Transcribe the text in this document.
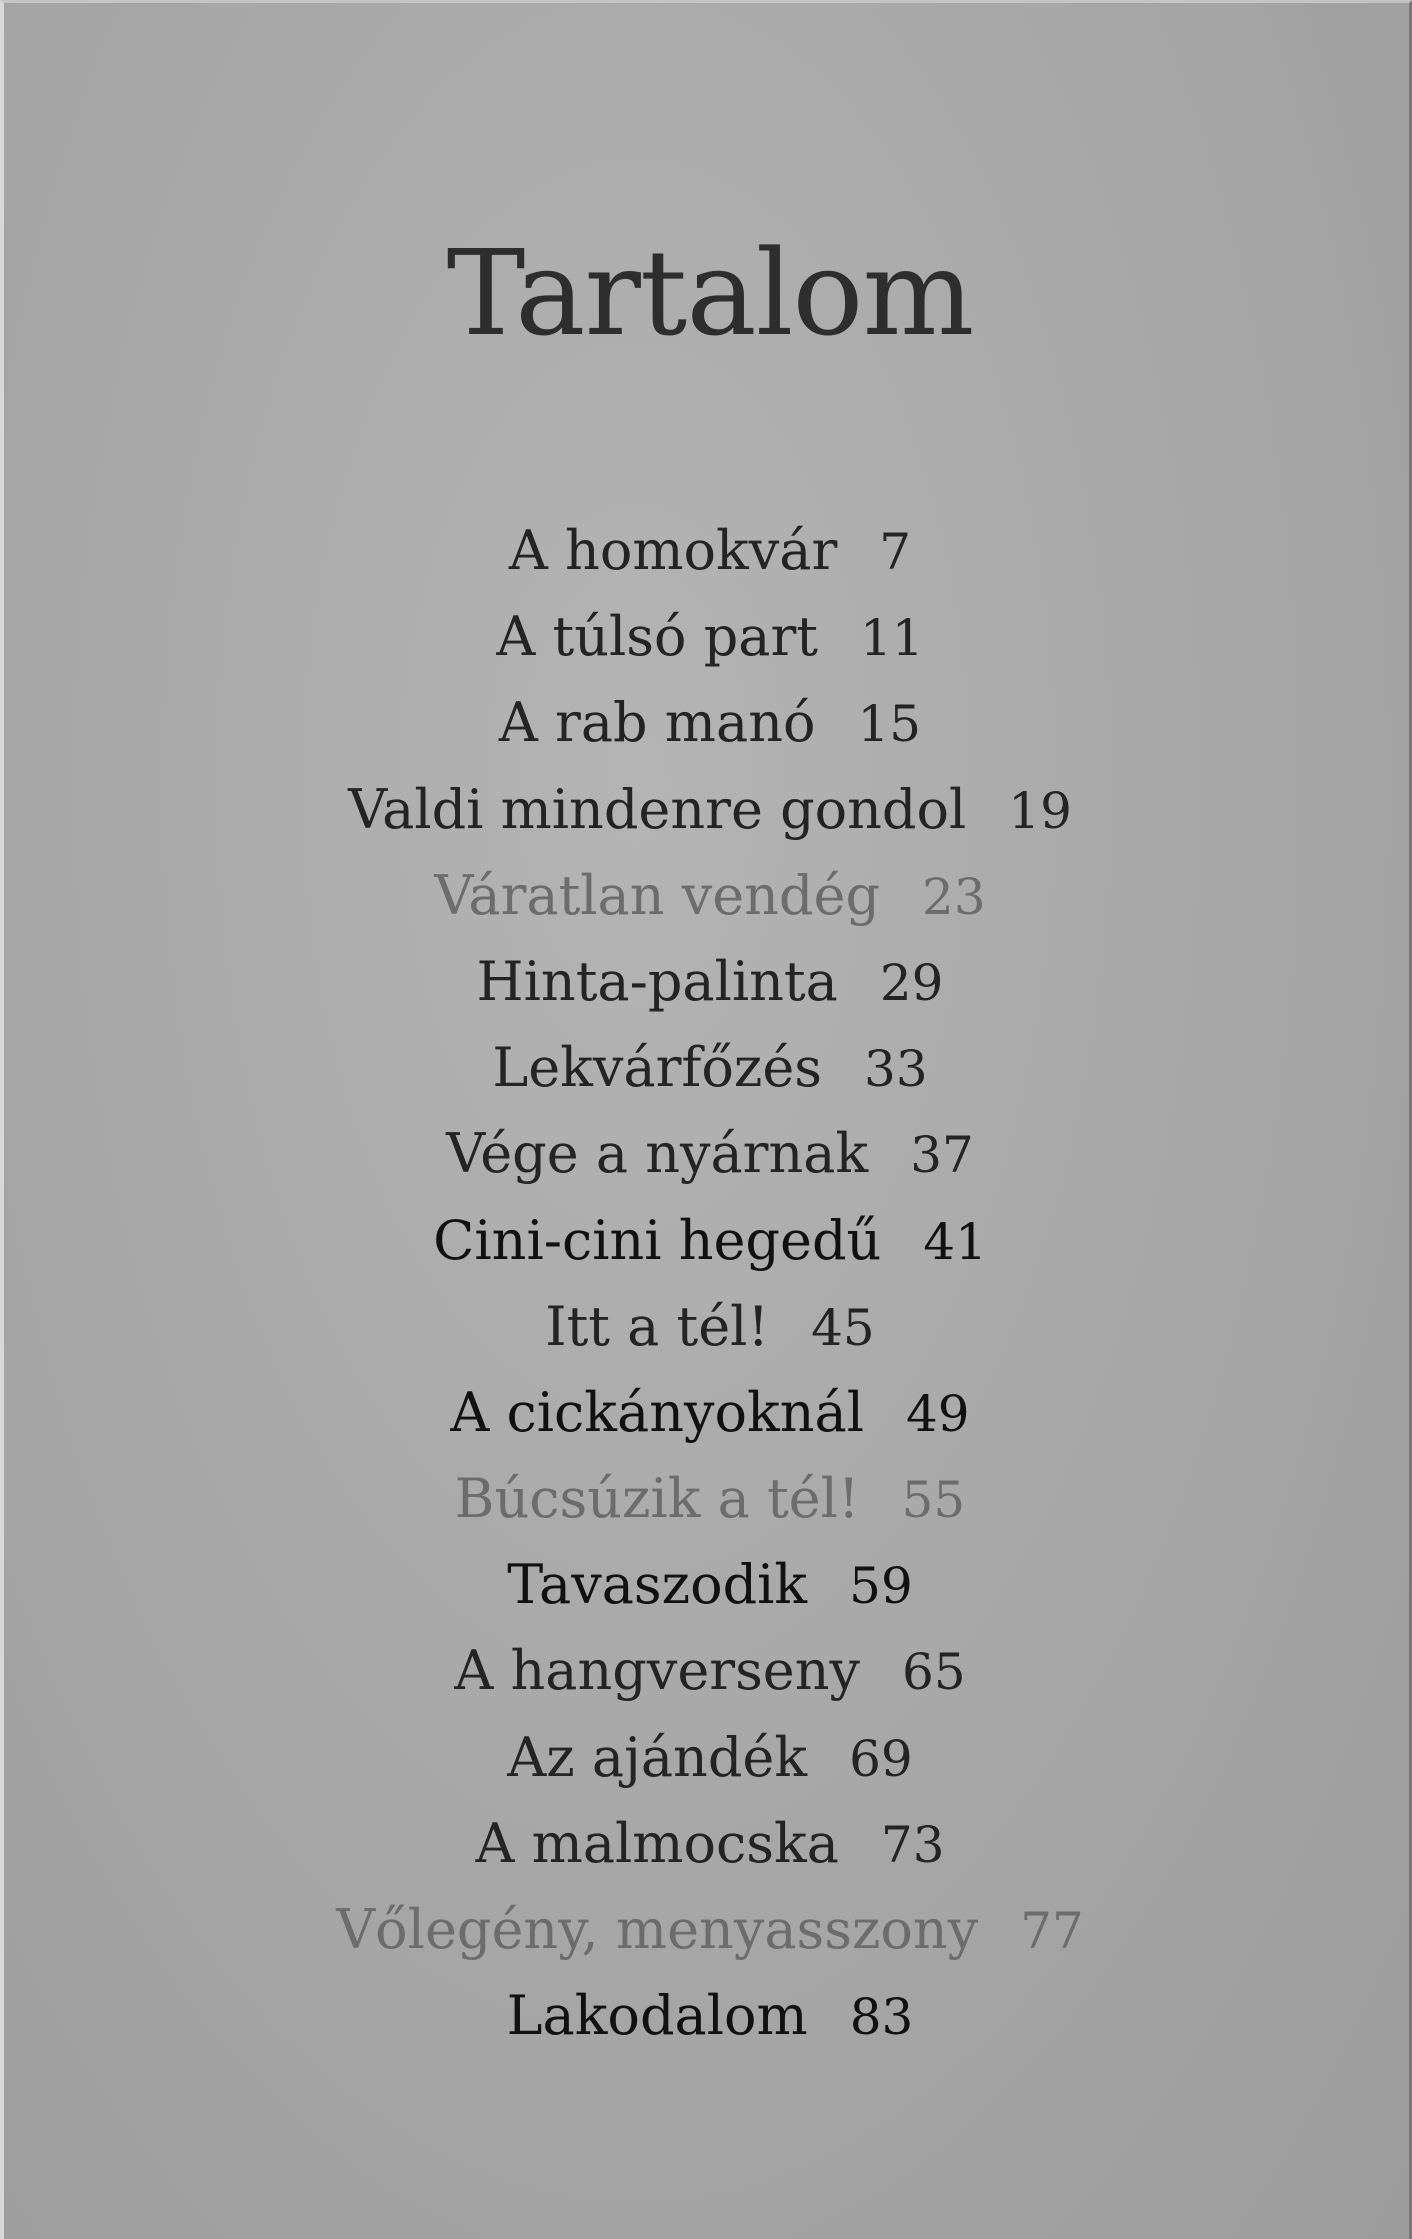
Tartalom
A homokvár 7
A túlsó part 11
A rab manó 15
Valdi mindenre gondol 19
Váratlan vendég 23
Hinta-palinta 29
Lekvárfőzés 33
Vége a nyárnak 37
Cini-cini hegedű 41
Itt a tél! 45
A cickányoknál 49
Búcsúzik a tél! 55
Tavaszodik 59
A hangverseny 65
Az ajándék 69
A malmocska 73
Vőlegény, menyasszony 77
Lakodalom 83
